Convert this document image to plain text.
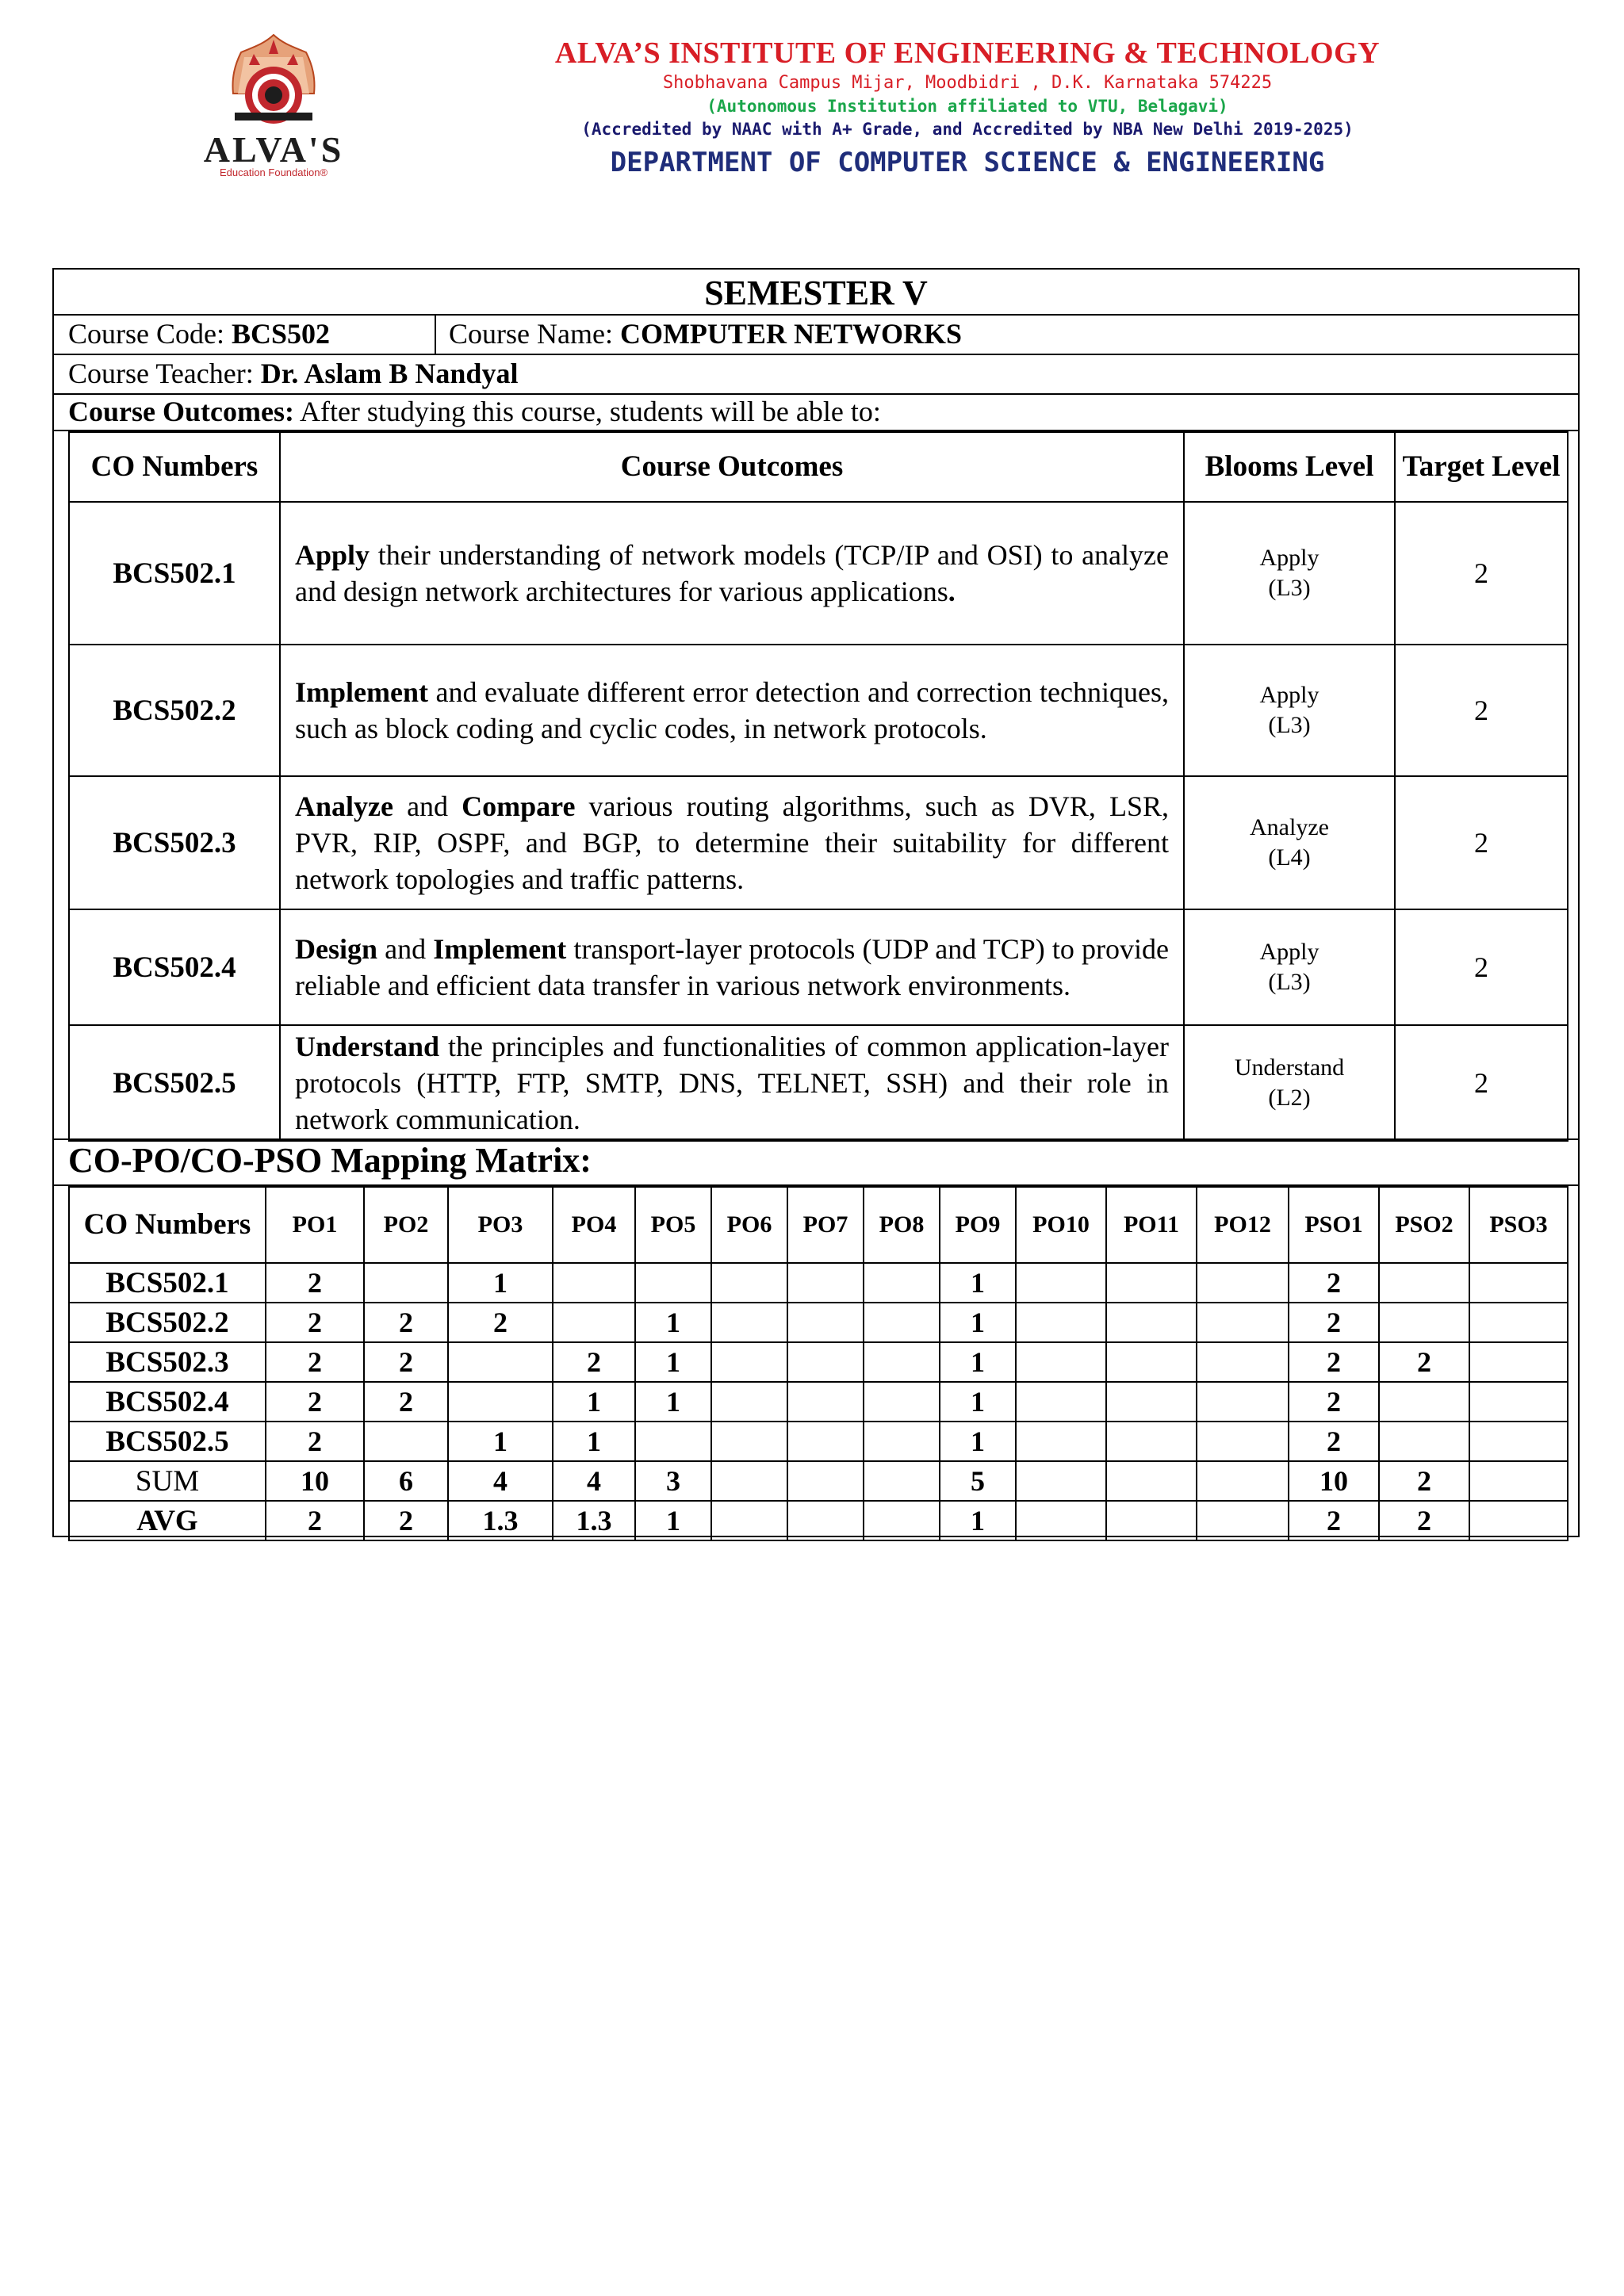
ALVA'S
Education Foundation®
ALVA’S INSTITUTE OF ENGINEERING & TECHNOLOGY
Shobhavana Campus Mijar, Moodbidri , D.K. Karnataka 574225
(Autonomous Institution affiliated to VTU, Belagavi)
(Accredited by NAAC with A+ Grade, and Accredited by NBA New Delhi 2019-2025)
DEPARTMENT OF COMPUTER SCIENCE & ENGINEERING
SEMESTER V
Course Code: BCS502	Course Name: COMPUTER NETWORKS
Course Teacher: Dr. Aslam B Nandyal
Course Outcomes: After studying this course, students will be able to:
CO Numbers	Course Outcomes	Blooms Level	Target Level
BCS502.1	Apply their understanding of network models (TCP/IP and OSI) to analyze and design network architectures for various applications.	Apply
(L3)	2
BCS502.2	Implement and evaluate different error detection and correction techniques, such as block coding and cyclic codes, in network protocols.	Apply
(L3)	2
BCS502.3	Analyze and Compare various routing algorithms, such as DVR, LSR, PVR, RIP, OSPF, and BGP, to determine their suitability for different network topologies and traffic patterns.	Analyze
(L4)	2
BCS502.4	Design and Implement transport-layer protocols (UDP and TCP) to provide reliable and efficient data transfer in various network environments.	Apply
(L3)	2
BCS502.5	Understand the principles and functionalities of common application-layer protocols (HTTP, FTP, SMTP, DNS, TELNET, SSH) and their role in network communication.	Understand
(L2)	2
CO-PO/CO-PSO Mapping Matrix:
CO Numbers	PO1	PO2	PO3	PO4	PO5	PO6	PO7	PO8	PO9	PO10	PO11	PO12	PSO1	PSO2	PSO3
BCS502.1	2		1						1				2		
BCS502.2	2	2	2		1				1				2		
BCS502.3	2	2		2	1				1				2	2	
BCS502.4	2	2		1	1				1				2		
BCS502.5	2		1	1					1				2		
SUM	10	6	4	4	3				5				10	2	
AVG	2	2	1.3	1.3	1				1				2	2	
